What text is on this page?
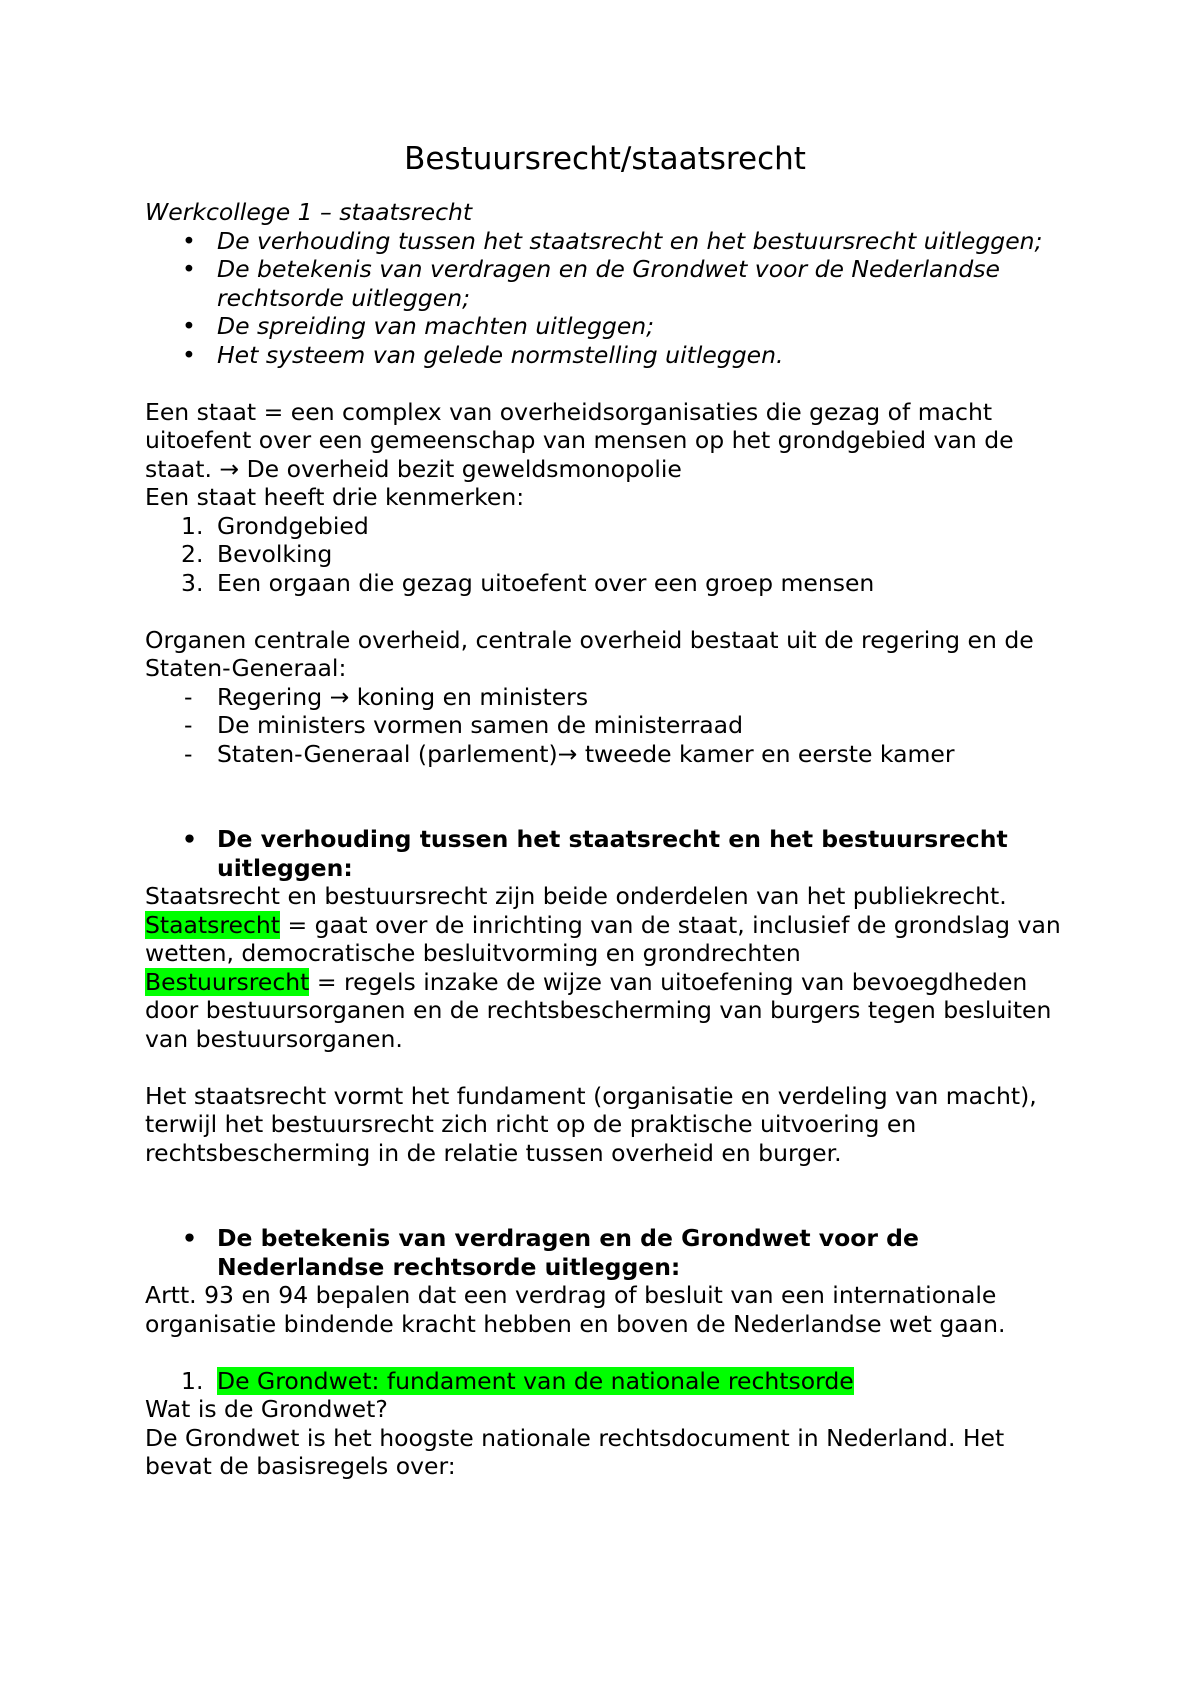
Bestuursrecht/staatsrecht

Werkcollege 1 – staatsrecht

• De verhouding tussen het staatsrecht en het bestuursrecht uitleggen;
• De betekenis van verdragen en de Grondwet voor de Nederlandse rechtsorde uitleggen;
• De spreiding van machten uitleggen;
• Het systeem van gelede normstelling uitleggen.

Een staat = een complex van overheidsorganisaties die gezag of macht uitoefent over een gemeenschap van mensen op het grondgebied van de staat. → De overheid bezit geweldsmonopolie

Een staat heeft drie kenmerken:

1. Grondgebied
2. Bevolking
3. Een orgaan die gezag uitoefent over een groep mensen

Organen centrale overheid, centrale overheid bestaat uit de regering en de Staten-Generaal:

- Regering → koning en ministers
- De ministers vormen samen de ministerraad
- Staten-Generaal (parlement)→ tweede kamer en eerste kamer
• De verhouding tussen het staatsrecht en het bestuursrecht uitleggen:

Staatsrecht en bestuursrecht zijn beide onderdelen van het publiekrecht.

Staatsrecht = gaat over de inrichting van de staat, inclusief de grondslag van wetten, democratische besluitvorming en grondrechten

Bestuursrecht = regels inzake de wijze van uitoefening van bevoegdheden door bestuursorganen en de rechtsbescherming van burgers tegen besluiten van bestuursorganen.

Het staatsrecht vormt het fundament (organisatie en verdeling van macht), terwijl het bestuursrecht zich richt op de praktische uitvoering en rechtsbescherming in de relatie tussen overheid en burger.

• De betekenis van verdragen en de Grondwet voor de Nederlandse rechtsorde uitleggen:

Artt. 93 en 94 bepalen dat een verdrag of besluit van een internationale organisatie bindende kracht hebben en boven de Nederlandse wet gaan.

1. De Grondwet: fundament van de nationale rechtsorde

Wat is de Grondwet?

De Grondwet is het hoogste nationale rechtsdocument in Nederland. Het bevat de basisregels over:
